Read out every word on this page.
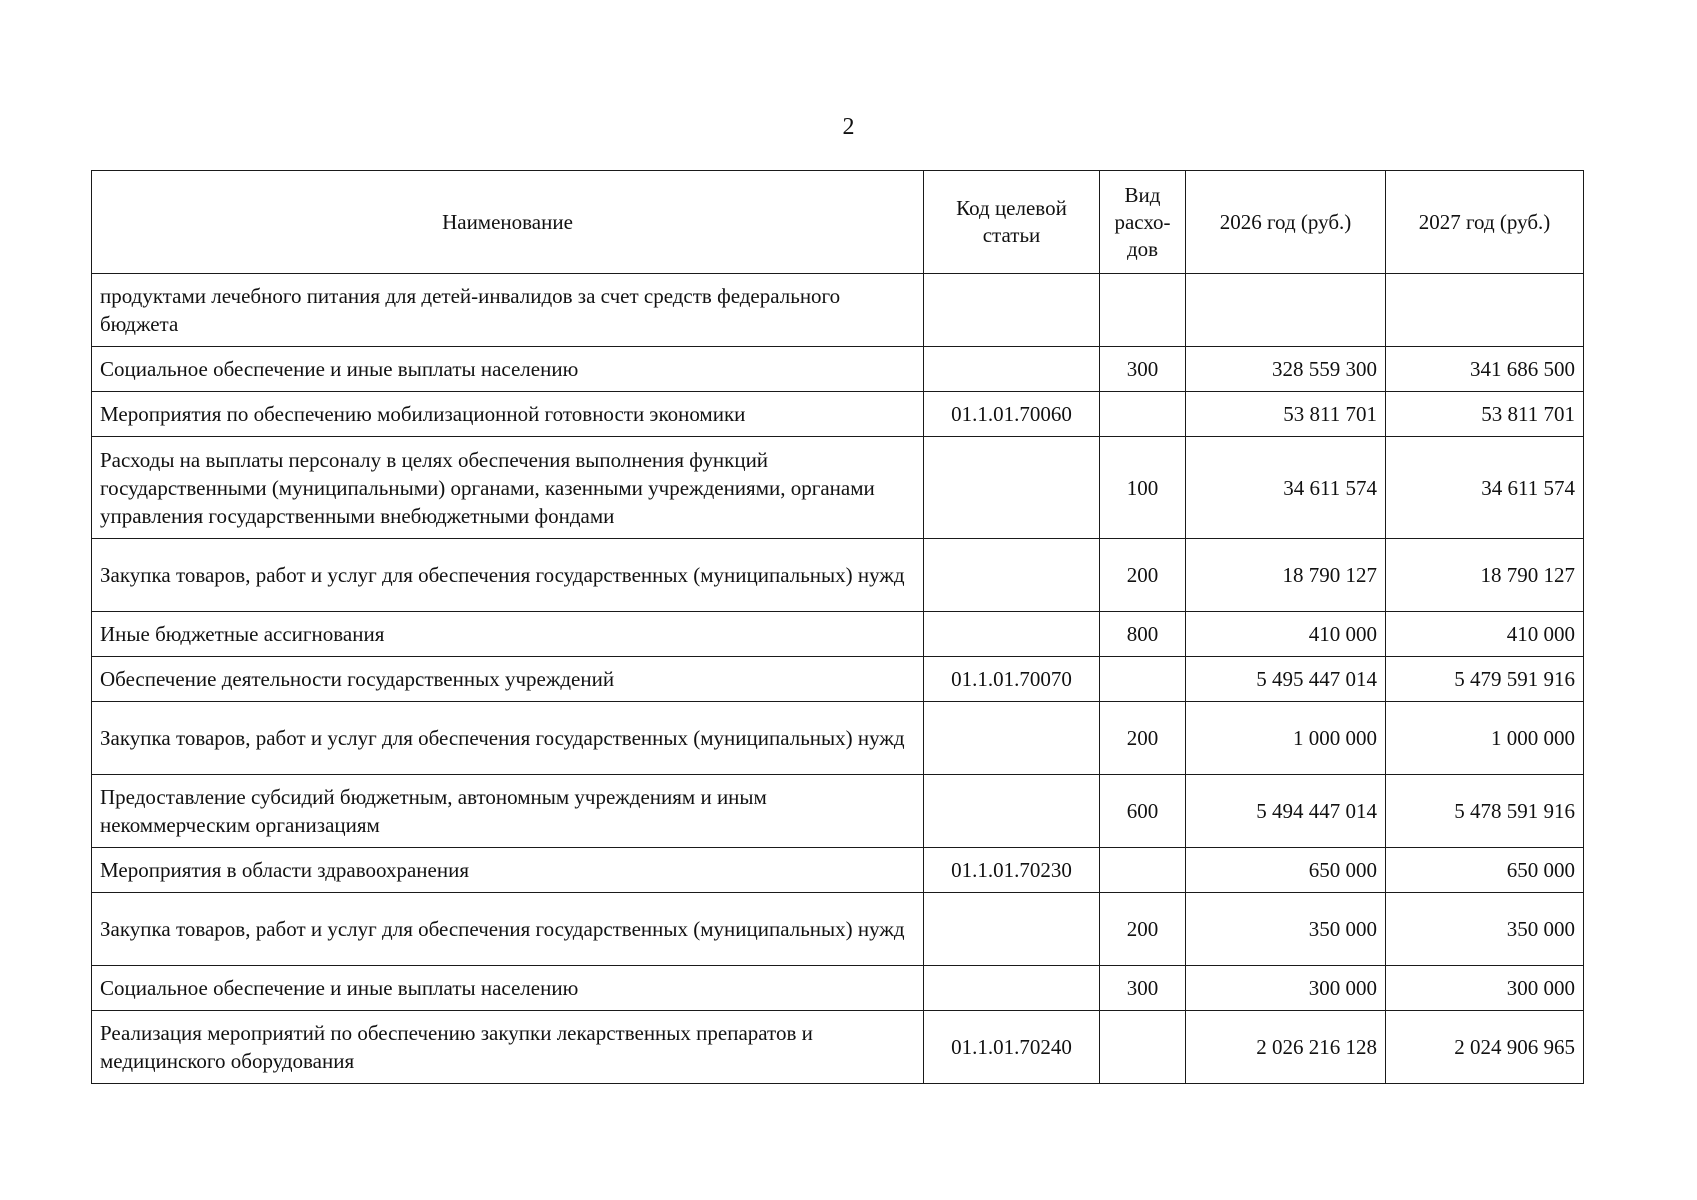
2
Наименование	Код целевой статьи	Вид расхо-дов	2026 год (руб.)	2027 год (руб.)
продуктами лечебного питания для детей-инвалидов за счет средств федерального бюджета				
Социальное обеспечение и иные выплаты населению		300	328 559 300	341 686 500
Мероприятия по обеспечению мобилизационной готовности экономики	01.1.01.70060		53 811 701	53 811 701
Расходы на выплаты персоналу в целях обеспечения выполнения функций государственными (муниципальными) органами, казенными учреждениями, органами управления государственными внебюджетными фондами		100	34 611 574	34 611 574
Закупка товаров, работ и услуг для обеспечения государственных (муниципальных) нужд		200	18 790 127	18 790 127
Иные бюджетные ассигнования		800	410 000	410 000
Обеспечение деятельности государственных учреждений	01.1.01.70070		5 495 447 014	5 479 591 916
Закупка товаров, работ и услуг для обеспечения государственных (муниципальных) нужд		200	1 000 000	1 000 000
Предоставление субсидий бюджетным, автономным учреждениям и иным некоммерческим организациям		600	5 494 447 014	5 478 591 916
Мероприятия в области здравоохранения	01.1.01.70230		650 000	650 000
Закупка товаров, работ и услуг для обеспечения государственных (муниципальных) нужд		200	350 000	350 000
Социальное обеспечение и иные выплаты населению		300	300 000	300 000
Реализация мероприятий по обеспечению закупки лекарственных препаратов и медицинского оборудования	01.1.01.70240		2 026 216 128	2 024 906 965
